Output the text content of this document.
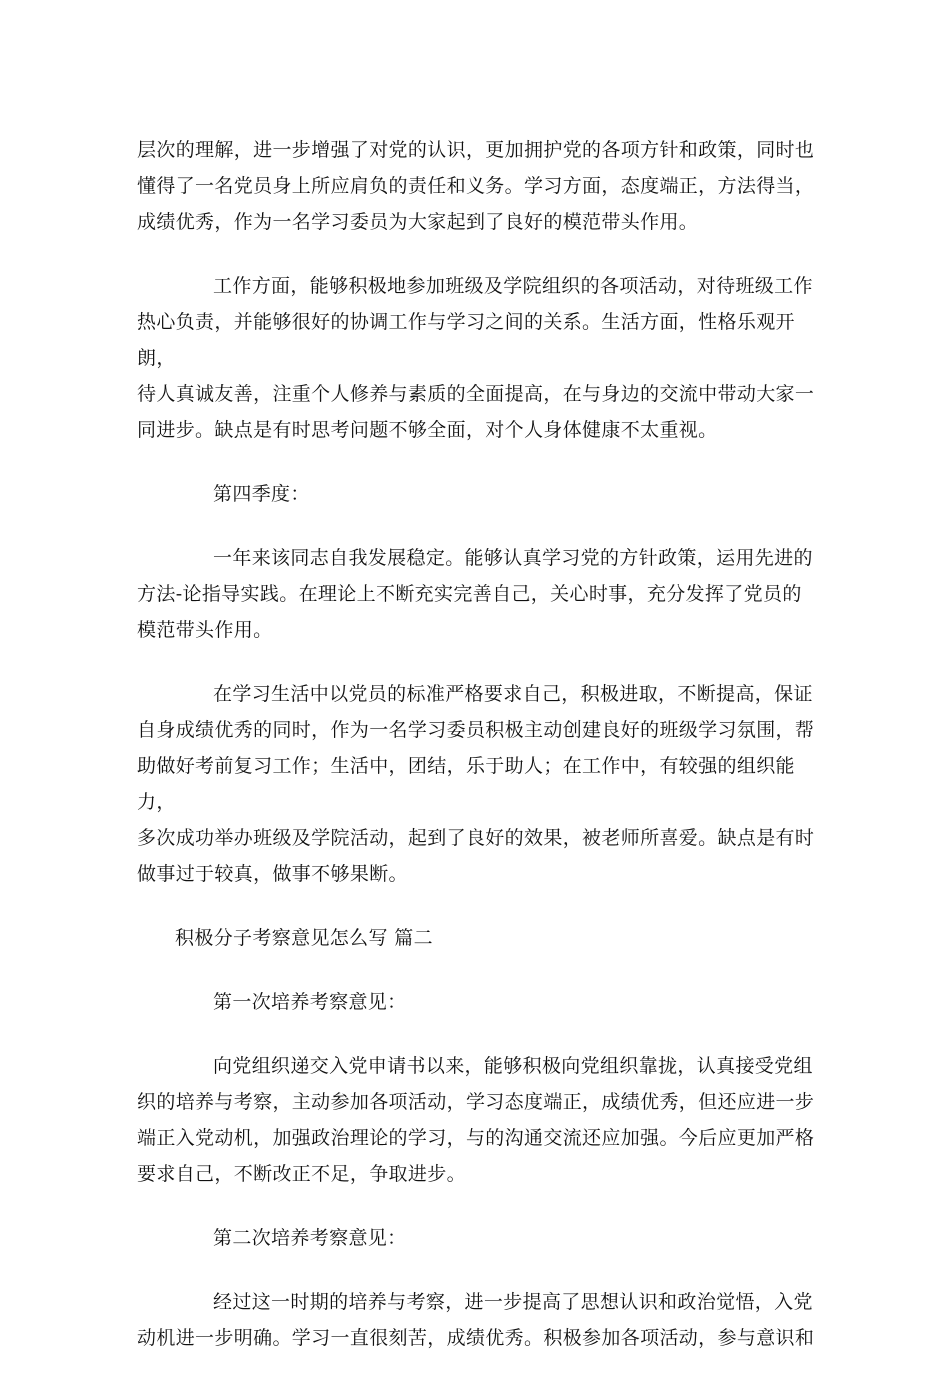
层次的理解，进一步增强了对党的认识，更加拥护党的各项方针和政策，同时也
懂得了一名党员身上所应肩负的责任和义务。学习方面，态度端正，方法得当，
成绩优秀，作为一名学习委员为大家起到了良好的模范带头作用。

工作方面，能够积极地参加班级及学院组织的各项活动，对待班级工作
热心负责，并能够很好的协调工作与学习之间的关系。生活方面，性格乐观开朗，
待人真诚友善，注重个人修养与素质的全面提高，在与身边的交流中带动大家一
同进步。缺点是有时思考问题不够全面，对个人身体健康不太重视。

第四季度：

一年来该同志自我发展稳定。能够认真学习党的方针政策，运用先进的
方法-论指导实践。在理论上不断充实完善自己，关心时事，充分发挥了党员的
模范带头作用。

在学习生活中以党员的标准严格要求自己，积极进取，不断提高，保证
自身成绩优秀的同时，作为一名学习委员积极主动创建良好的班级学习氛围，帮
助做好考前复习工作；生活中，团结，乐于助人；在工作中，有较强的组织能力，
多次成功举办班级及学院活动，起到了良好的效果，被老师所喜爱。缺点是有时
做事过于较真，做事不够果断。

积极分子考察意见怎么写 篇二

第一次培养考察意见：

向党组织递交入党申请书以来，能够积极向党组织靠拢，认真接受党组
织的培养与考察，主动参加各项活动，学习态度端正，成绩优秀，但还应进一步
端正入党动机，加强政治理论的学习，与的沟通交流还应加强。今后应更加严格
要求自己，不断改正不足，争取进步。

第二次培养考察意见：

经过这一时期的培养与考察，进一步提高了思想认识和政治觉悟，入党
动机进一步明确。学习一直很刻苦，成绩优秀。积极参加各项活动，参与意识和
